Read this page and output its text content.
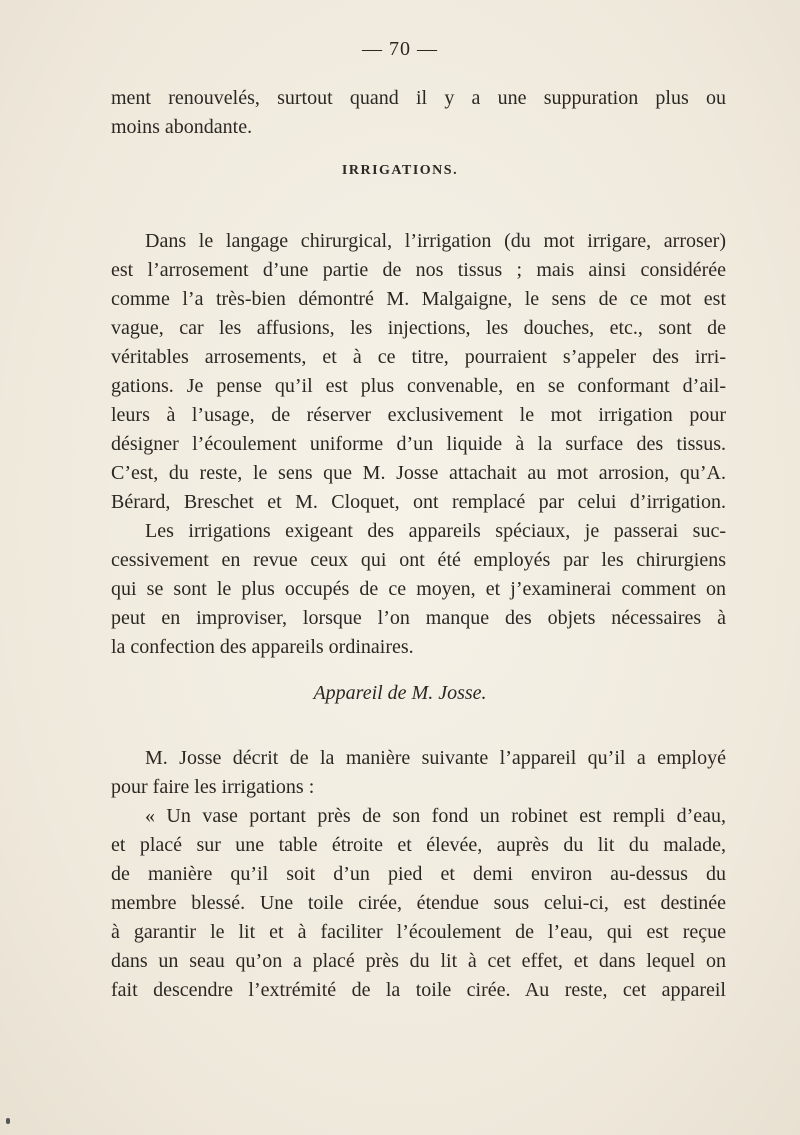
— 70 —
ment renouvelés, surtout quand il y a une suppuration plus ou
moins abondante.
IRRIGATIONS.
Dans le langage chirurgical, l’irrigation (du mot irrigare, arroser)
est l’arrosement d’une partie de nos tissus ; mais ainsi considérée
comme l’a très-bien démontré M. Malgaigne, le sens de ce mot est
vague, car les affusions, les injections, les douches, etc., sont de
véritables arrosements, et à ce titre, pourraient s’appeler des irri-
gations. Je pense qu’il est plus convenable, en se conformant d’ail-
leurs à l’usage, de réserver exclusivement le mot irrigation pour
désigner l’écoulement uniforme d’un liquide à la surface des tissus.
C’est, du reste, le sens que M. Josse attachait au mot arrosion, qu’A.
Bérard, Breschet et M. Cloquet, ont remplacé par celui d’irrigation.
Les irrigations exigeant des appareils spéciaux, je passerai suc-
cessivement en revue ceux qui ont été employés par les chirurgiens
qui se sont le plus occupés de ce moyen, et j’examinerai comment on
peut en improviser, lorsque l’on manque des objets nécessaires à
la confection des appareils ordinaires.
Appareil de M. Josse.
M. Josse décrit de la manière suivante l’appareil qu’il a employé
pour faire les irrigations :
« Un vase portant près de son fond un robinet est rempli d’eau,
et placé sur une table étroite et élevée, auprès du lit du malade,
de manière qu’il soit d’un pied et demi environ au-dessus du
membre blessé. Une toile cirée, étendue sous celui-ci, est destinée
à garantir le lit et à faciliter l’écoulement de l’eau, qui est reçue
dans un seau qu’on a placé près du lit à cet effet, et dans lequel on
fait descendre l’extrémité de la toile cirée. Au reste, cet appareil
